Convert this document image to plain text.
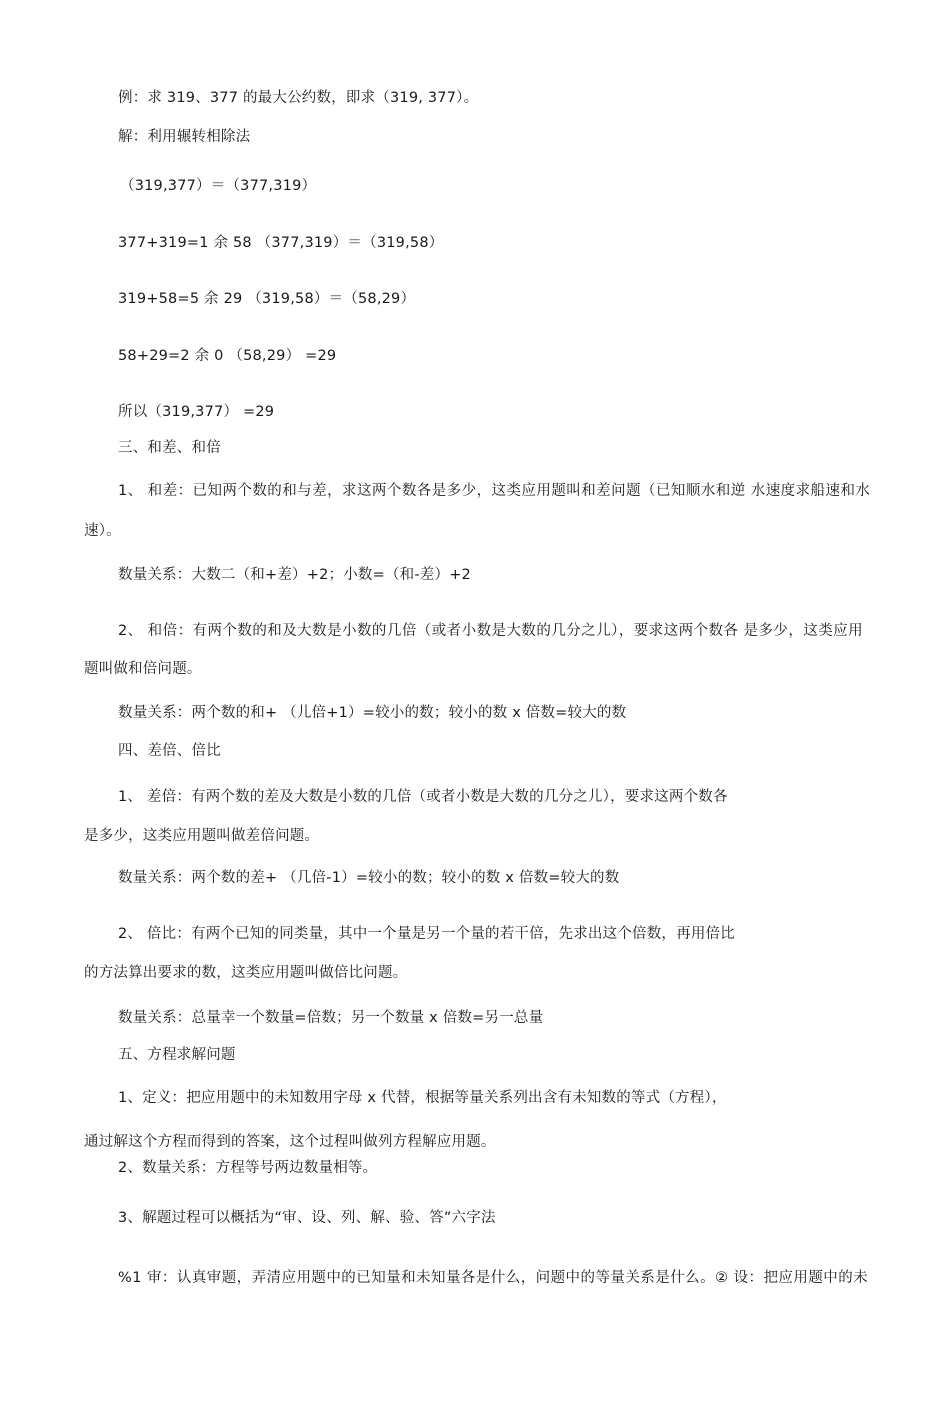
例：求 319、377 的最大公约数，即求（319, 377）。
解：利用辗转相除法
（319,377）＝（377,319）
377+319=1 余 58 （377,319）＝（319,58）
319+58=5 余 29 （319,58）＝（58,29）
58+29=2 余 0 （58,29） =29
所以（319,377） =29
三、和差、和倍
1、 和差：已知两个数的和与差，求这两个数各是多少，这类应用题叫和差问题（已知顺水和逆 水速度求船速和水
速）。
数量关系：大数二（和+差）+2；小数=（和-差）+2
2、 和倍：有两个数的和及大数是小数的几倍（或者小数是大数的几分之儿），要求这两个数各 是多少，这类应用
题叫做和倍问题。
数量关系：两个数的和+ （儿倍+1）=较小的数；较小的数 x 倍数=较大的数
四、差倍、倍比
1、 差倍：有两个数的差及大数是小数的几倍（或者小数是大数的几分之儿），要求这两个数各
是多少，这类应用题叫做差倍问题。
数量关系：两个数的差+ （几倍-1）=较小的数；较小的数 x 倍数=较大的数
2、 倍比：有两个已知的同类量，其中一个量是另一个量的若干倍，先求出这个倍数，再用倍比
的方法算出要求的数，这类应用题叫做倍比问题。
数量关系：总量幸一个数量=倍数；另一个数量 x 倍数=另一总量
五、方程求解问题
1、定义：把应用题中的未知数用字母 x 代替，根据等量关系列出含有未知数的等式（方程），
通过解这个方程而得到的答案，这个过程叫做列方程解应用题。
2、数量关系：方程等号两边数量相等。
3、解题过程可以概括为“审、设、列、解、验、答”六字法
%1 审：认真审题，弄清应用题中的已知量和未知量各是什么，问题中的等量关系是什么。② 设：把应用题中的未
